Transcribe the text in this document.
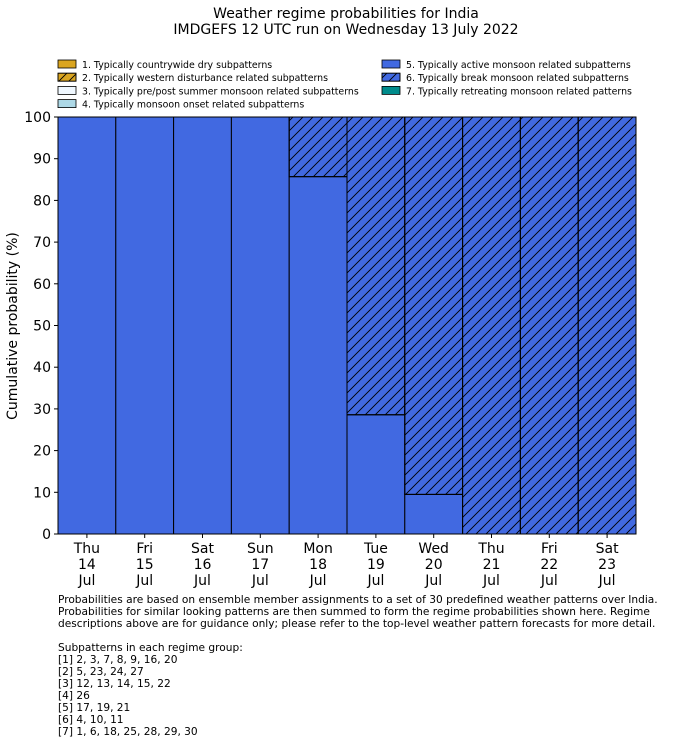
Weather regime probabilities for India
IMDGEFS 12 UTC run on Wednesday 13 July 2022
1. Typically countrywide dry subpatterns
2. Typically western disturbance related subpatterns
3. Typically pre/post summer monsoon related subpatterns
4. Typically monsoon onset related subpatterns
5. Typically active monsoon related subpatterns
6. Typically break monsoon related subpatterns
7. Typically retreating monsoon related patterns
0
10
20
30
40
50
60
70
80
90
100
Thu
14
Jul
Fri
15
Jul
Sat
16
Jul
Sun
17
Jul
Mon
18
Jul
Tue
19
Jul
Wed
20
Jul
Thu
21
Jul
Fri
22
Jul
Sat
23
Jul
Cumulative probability (%)
Probabilities are based on ensemble member assignments to a set of 30 predefined weather patterns over India.
Probabilities for similar looking patterns are then summed to form the regime probabilities shown here. Regime
descriptions above are for guidance only; please refer to the top-level weather pattern forecasts for more detail.
Subpatterns in each regime group:
[1] 2, 3, 7, 8, 9, 16, 20
[2] 5, 23, 24, 27
[3] 12, 13, 14, 15, 22
[4] 26
[5] 17, 19, 21
[6] 4, 10, 11
[7] 1, 6, 18, 25, 28, 29, 30
